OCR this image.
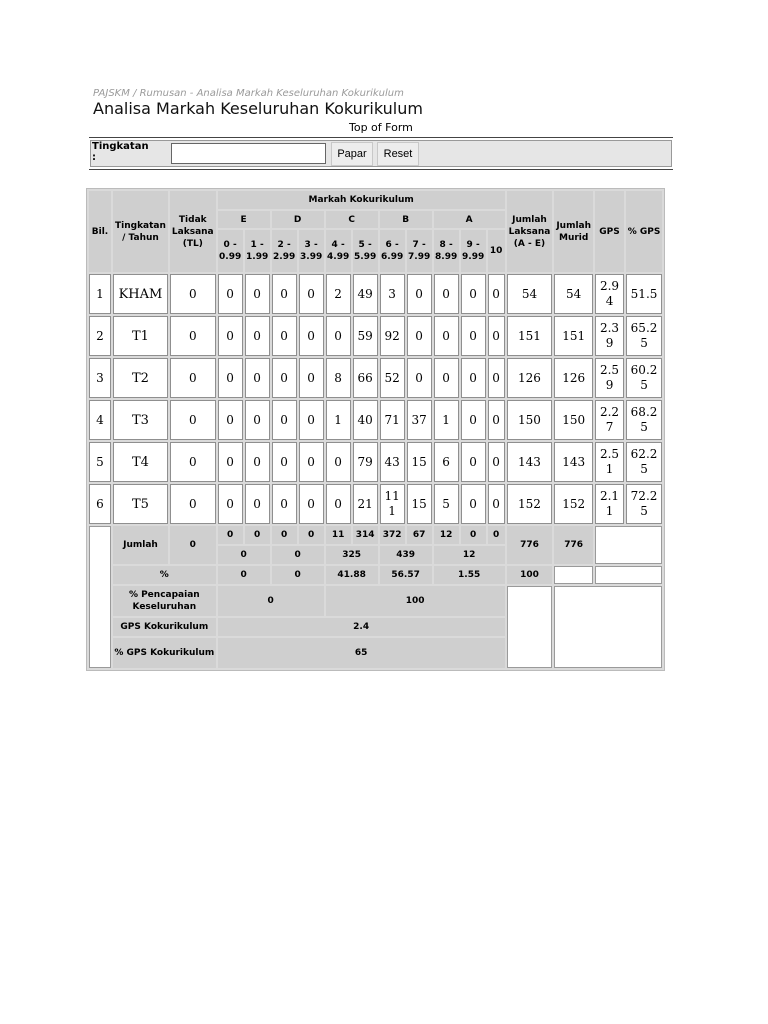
PAJSKM / Rumusan - Analisa Markah Keseluruhan Kokurikulum
Analisa Markah Keseluruhan Kokurikulum
Top of Form
Tingkatan :	Papar	Reset
Bil.	Tingkatan / Tahun	Tidak Laksana (TL)	Markah Kokurikulum											Jumlah Laksana (A - E)	Jumlah Murid	GPS	% GPS
			E		D		C		B		A						
			0 - 0.99	1 - 1.99	2 - 2.99	3 - 3.99	4 - 4.99	5 - 5.99	6 - 6.99	7 - 7.99	8 - 8.99	9 - 9.99	10				
1	KHAM	0	0	0	0	0	2	49	3	0	0	0	0	54	54	2.94	51.5
2	T1	0	0	0	0	0	0	59	92	0	0	0	0	151	151	2.39	65.25
3	T2	0	0	0	0	0	8	66	52	0	0	0	0	126	126	2.59	60.25
4	T3	0	0	0	0	0	1	40	71	37	1	0	0	150	150	2.27	68.25
5	T4	0	0	0	0	0	0	79	43	15	6	0	0	143	143	2.51	62.25
6	T5	0	0	0	0	0	0	21	111	15	5	0	0	152	152	2.11	72.25
	Jumlah	0	0	0	0	0	11	314	372	67	12	0	0	776	776		
			0		0		325		439		12						
	%		0		0		41.88		56.57		1.55			100			
	% Pencapaian Keseluruhan		0				100										
	GPS Kokurikulum		2.4														
	% GPS Kokurikulum		65														
